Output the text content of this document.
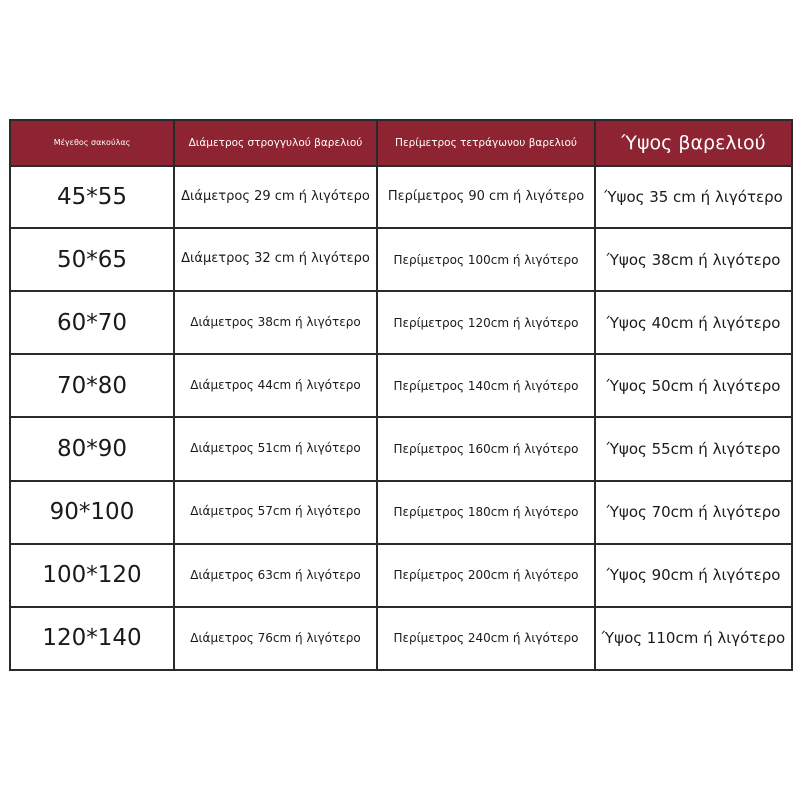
Μέγεθος σακούλας	Διάμετρος στρογγυλού βαρελιού	Περίμετρος τετράγωνου βαρελιού	Ύψος βαρελιού
45*55	Διάμετρος 29 cm ή λιγότερο	Περίμετρος 90 cm ή λιγότερο	Ύψος 35 cm ή λιγότερο
50*65	Διάμετρος 32 cm ή λιγότερο	Περίμετρος 100cm ή λιγότερο	Ύψος 38cm ή λιγότερο
60*70	Διάμετρος 38cm ή λιγότερο	Περίμετρος 120cm ή λιγότερο	Ύψος 40cm ή λιγότερο
70*80	Διάμετρος 44cm ή λιγότερο	Περίμετρος 140cm ή λιγότερο	Ύψος 50cm ή λιγότερο
80*90	Διάμετρος 51cm ή λιγότερο	Περίμετρος 160cm ή λιγότερο	Ύψος 55cm ή λιγότερο
90*100	Διάμετρος 57cm ή λιγότερο	Περίμετρος 180cm ή λιγότερο	Ύψος 70cm ή λιγότερο
100*120	Διάμετρος 63cm ή λιγότερο	Περίμετρος 200cm ή λιγότερο	Ύψος 90cm ή λιγότερο
120*140	Διάμετρος 76cm ή λιγότερο	Περίμετρος 240cm ή λιγότερο	Ύψος 110cm ή λιγότερο
